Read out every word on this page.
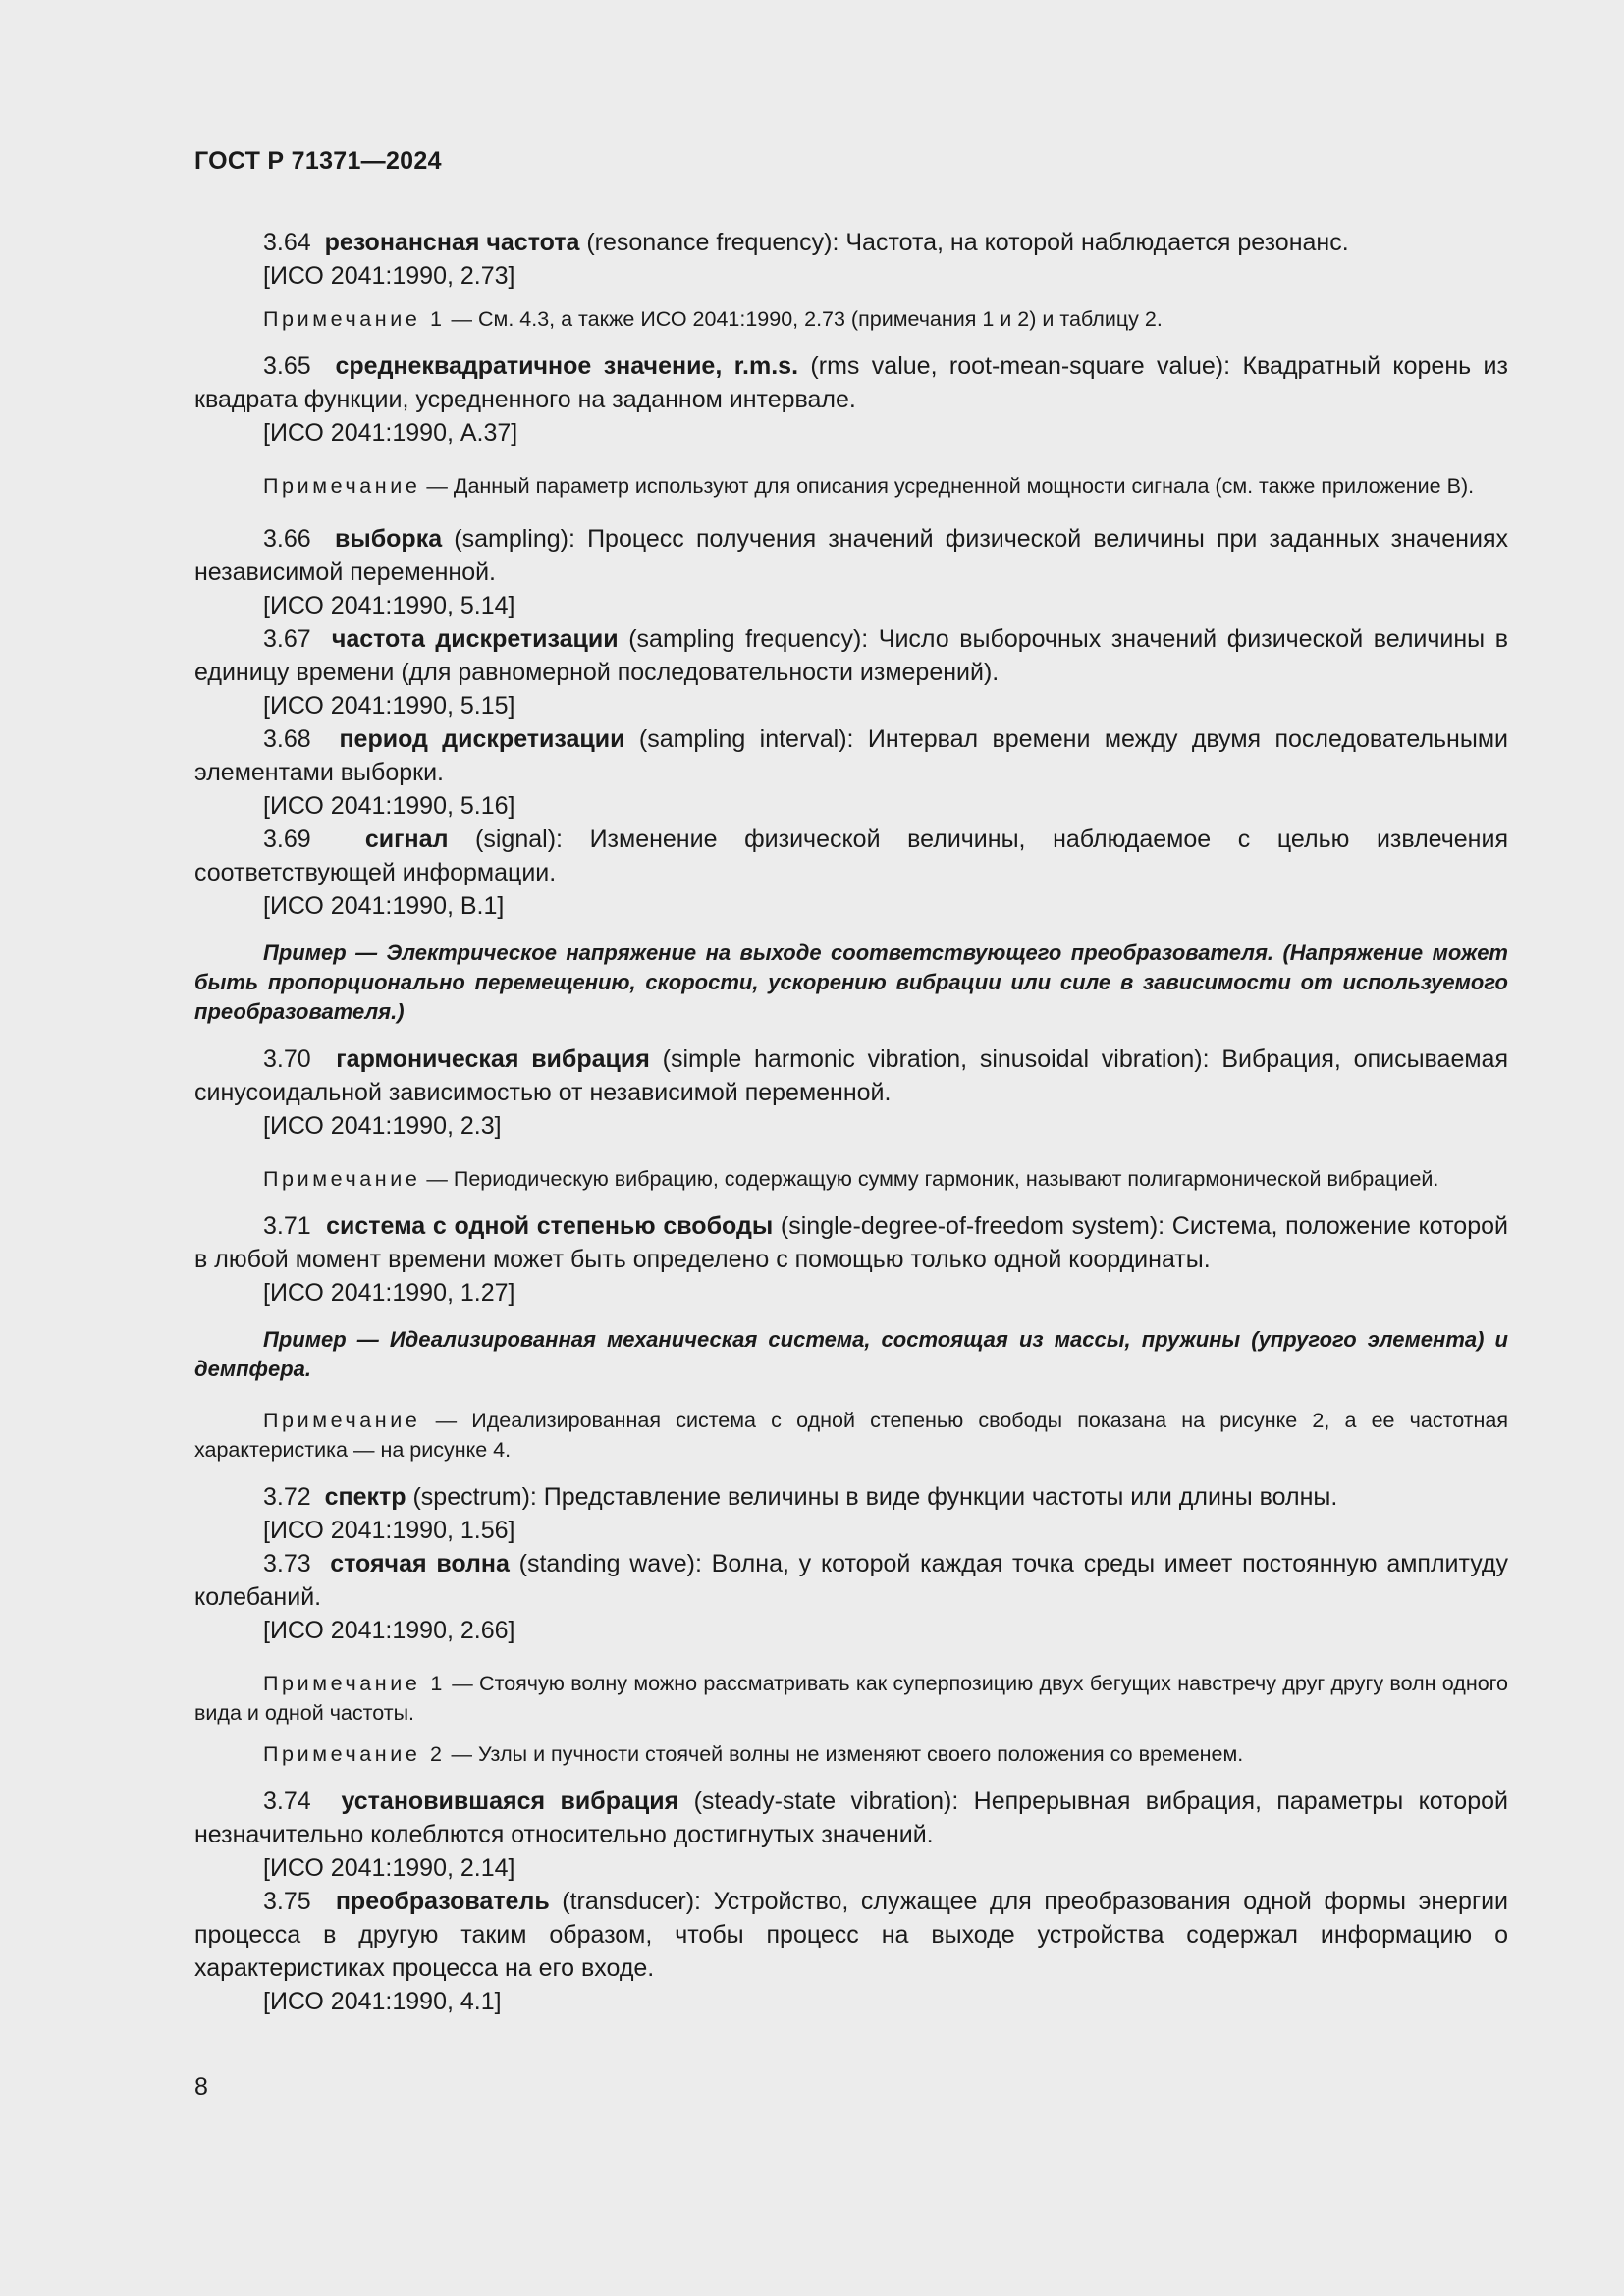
ГОСТ Р 71371—2024

3.64 резонансная частота (resonance frequency): Частота, на которой наблюдается резонанс.

[ИСО 2041:1990, 2.73]

Примечание 1 — См. 4.3, а также ИСО 2041:1990, 2.73 (примечания 1 и 2) и таблицу 2.

3.65 среднеквадратичное значение, r.m.s. (rms value, root-mean-square value): Квадратный корень из квадрата функции, усредненного на заданном интервале.

[ИСО 2041:1990, А.37]

Примечание — Данный параметр используют для описания усредненной мощности сигнала (см. также приложение В).

3.66 выборка (sampling): Процесс получения значений физической величины при заданных значениях независимой переменной.

[ИСО 2041:1990, 5.14]

3.67 частота дискретизации (sampling frequency): Число выборочных значений физической величины в единицу времени (для равномерной последовательности измерений).

[ИСО 2041:1990, 5.15]

3.68 период дискретизации (sampling interval): Интервал времени между двумя последовательными элементами выборки.

[ИСО 2041:1990, 5.16]

3.69 сигнал (signal): Изменение физической величины, наблюдаемое с целью извлечения соответствующей информации.

[ИСО 2041:1990, В.1]

Пример — Электрическое напряжение на выходе соответствующего преобразователя. (Напряжение может быть пропорционально перемещению, скорости, ускорению вибрации или силе в зависимости от используемого преобразователя.)

3.70 гармоническая вибрация (simple harmonic vibration, sinusoidal vibration): Вибрация, описываемая синусоидальной зависимостью от независимой переменной.

[ИСО 2041:1990, 2.3]

Примечание — Периодическую вибрацию, содержащую сумму гармоник, называют полигармонической вибрацией.

3.71 система с одной степенью свободы (single-degree-of-freedom system): Система, положение которой в любой момент времени может быть определено с помощью только одной координаты.

[ИСО 2041:1990, 1.27]

Пример — Идеализированная механическая система, состоящая из массы, пружины (упругого элемента) и демпфера.

Примечание — Идеализированная система с одной степенью свободы показана на рисунке 2, а ее частотная характеристика — на рисунке 4.

3.72 спектр (spectrum): Представление величины в виде функции частоты или длины волны.

[ИСО 2041:1990, 1.56]

3.73 стоячая волна (standing wave): Волна, у которой каждая точка среды имеет постоянную амплитуду колебаний.

[ИСО 2041:1990, 2.66]

Примечание 1 — Стоячую волну можно рассматривать как суперпозицию двух бегущих навстречу друг другу волн одного вида и одной частоты.

Примечание 2 — Узлы и пучности стоячей волны не изменяют своего положения со временем.

3.74 установившаяся вибрация (steady-state vibration): Непрерывная вибрация, параметры которой незначительно колеблются относительно достигнутых значений.

[ИСО 2041:1990, 2.14]

3.75 преобразователь (transducer): Устройство, служащее для преобразования одной формы энергии процесса в другую таким образом, чтобы процесс на выходе устройства содержал информацию о характеристиках процесса на его входе.

[ИСО 2041:1990, 4.1]

8
